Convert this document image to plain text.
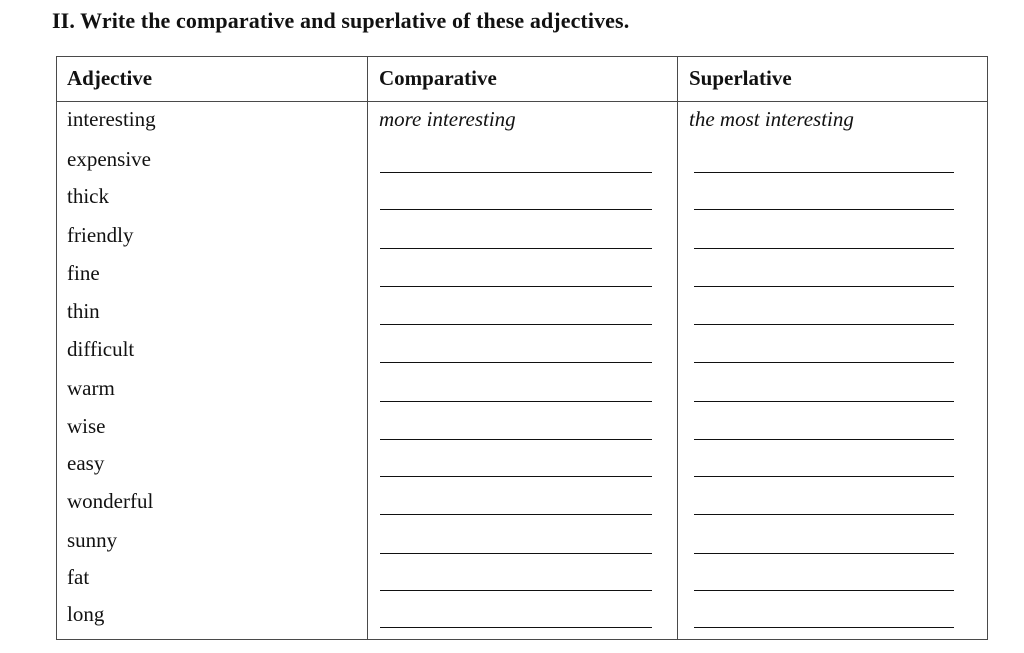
II. Write the comparative and superlative of these adjectives.
Adjective	Comparative	Superlative
interesting	more interesting	the most interesting
expensive
thick
friendly
fine
thin
difficult
warm
wise
easy
wonderful
sunny
fat
long
